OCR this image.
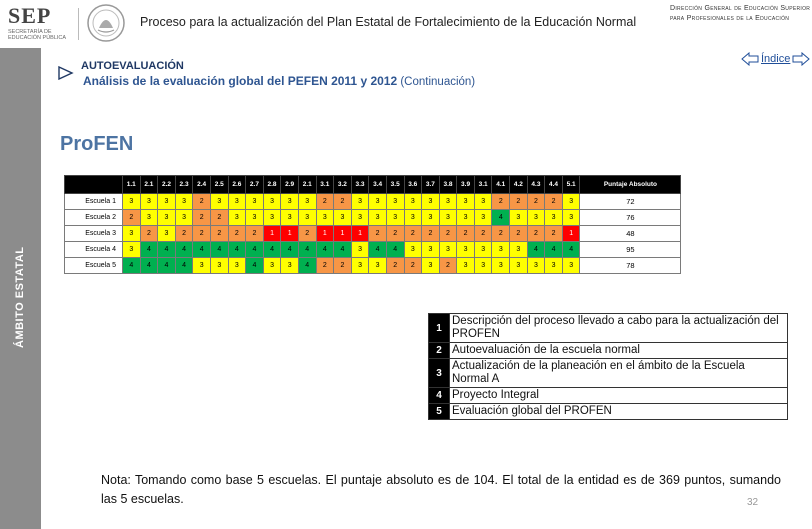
SEP
SECRETARÍA DE EDUCACIÓN PÚBLICA
Proceso para la actualización del Plan Estatal de Fortalecimiento de la Educación Normal
Dirección General de Educación Superior para Profesionales de la Educación
ÁMBITO ESTATAL
AUTOEVALUACIÓN
Análisis de la evaluación global del PEFEN 2011 y 2012 (Continuación)
Índice
ProFEN
	1.1	2.1	2.2	2.3	2.4	2.5	2.6	2.7	2.8	2.9	2.1	3.1	3.2	3.3	3.4	3.5	3.6	3.7	3.8	3.9	3.1	4.1	4.2	4.3	4.4	5.1	Puntaje Absoluto
Escuela 1	3	3	3	3	2	3	3	3	3	3	3	2	2	3	3	3	3	3	3	3	3	2	2	2	2	3	72
Escuela 2	2	3	3	3	2	2	3	3	3	3	3	3	3	3	3	3	3	3	3	3	3	4	3	3	3	3	76
Escuela 3	3	2	3	2	2	2	2	2	1	1	2	1	1	1	2	2	2	2	2	2	2	2	2	2	2	1	48
Escuela 4	3	4	4	4	4	4	4	4	4	4	4	4	4	3	4	4	3	3	3	3	3	3	3	4	4	4	95
Escuela 5	4	4	4	4	3	3	3	4	3	3	4	2	2	3	3	2	2	3	2	3	3	3	3	3	3	3	78
1	Descripción del proceso llevado a cabo para la actualización del PROFEN
2	Autoevaluación de la escuela normal
3	Actualización de la planeación en el ámbito de la Escuela Normal A
4	Proyecto Integral
5	Evaluación global del PROFEN
Nota: Tomando como base 5 escuelas. El puntaje absoluto es de 104. El total de la entidad es de 369 puntos, sumando las 5 escuelas.	32
